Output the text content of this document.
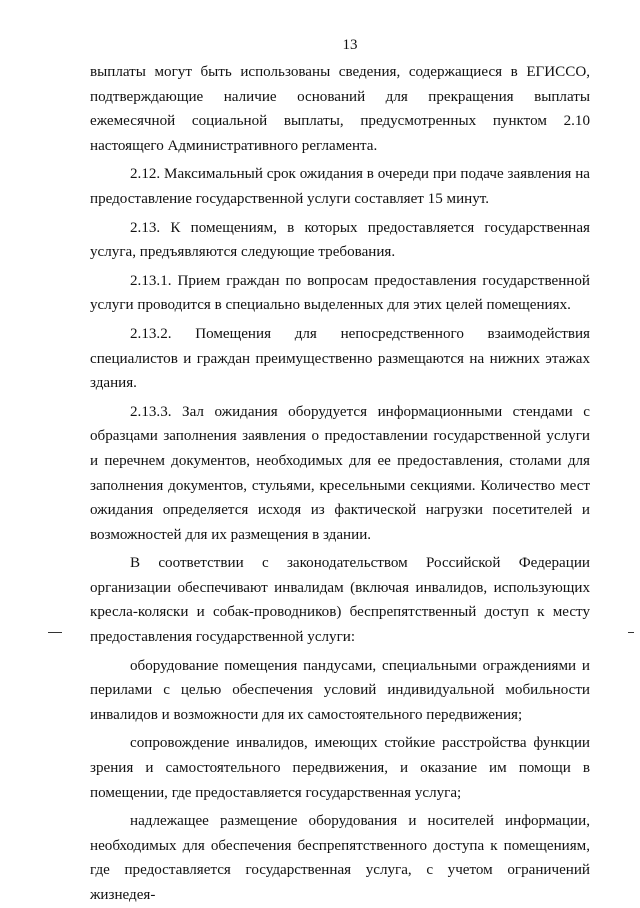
13

выплаты могут быть использованы сведения, содержащиеся в ЕГИССО, подтверждающие наличие оснований для прекращения выплаты ежемесячной социальной выплаты, предусмотренных пунктом 2.10 настоящего Административного регламента.

2.12. Максимальный срок ожидания в очереди при подаче заявления на предоставление государственной услуги составляет 15 минут.

2.13. К помещениям, в которых предоставляется государственная услуга, предъявляются следующие требования.

2.13.1. Прием граждан по вопросам предоставления государственной услуги проводится в специально выделенных для этих целей помещениях.

2.13.2. Помещения для непосредственного взаимодействия специалистов и граждан преимущественно размещаются на нижних этажах здания.

2.13.3. Зал ожидания оборудуется информационными стендами с образцами заполнения заявления о предоставлении государственной услуги и перечнем документов, необходимых для ее предоставления, столами для заполнения документов, стульями, кресельными секциями. Количество мест ожидания определяется исходя из фактической нагрузки посетителей и возможностей для их размещения в здании.

В соответствии с законодательством Российской Федерации организации обеспечивают инвалидам (включая инвалидов, использующих кресла-коляски и собак-проводников) беспрепятственный доступ к месту предоставления государственной услуги:

оборудование помещения пандусами, специальными ограждениями и перилами с целью обеспечения условий индивидуальной мобильности инвалидов и возможности для их самостоятельного передвижения;

сопровождение инвалидов, имеющих стойкие расстройства функции зрения и самостоятельного передвижения, и оказание им помощи в помещении, где предоставляется государственная услуга;

надлежащее размещение оборудования и носителей информации, необходимых для обеспечения беспрепятственного доступа к помещениям, где предоставляется государственная услуга, с учетом ограничений жизнедея-
